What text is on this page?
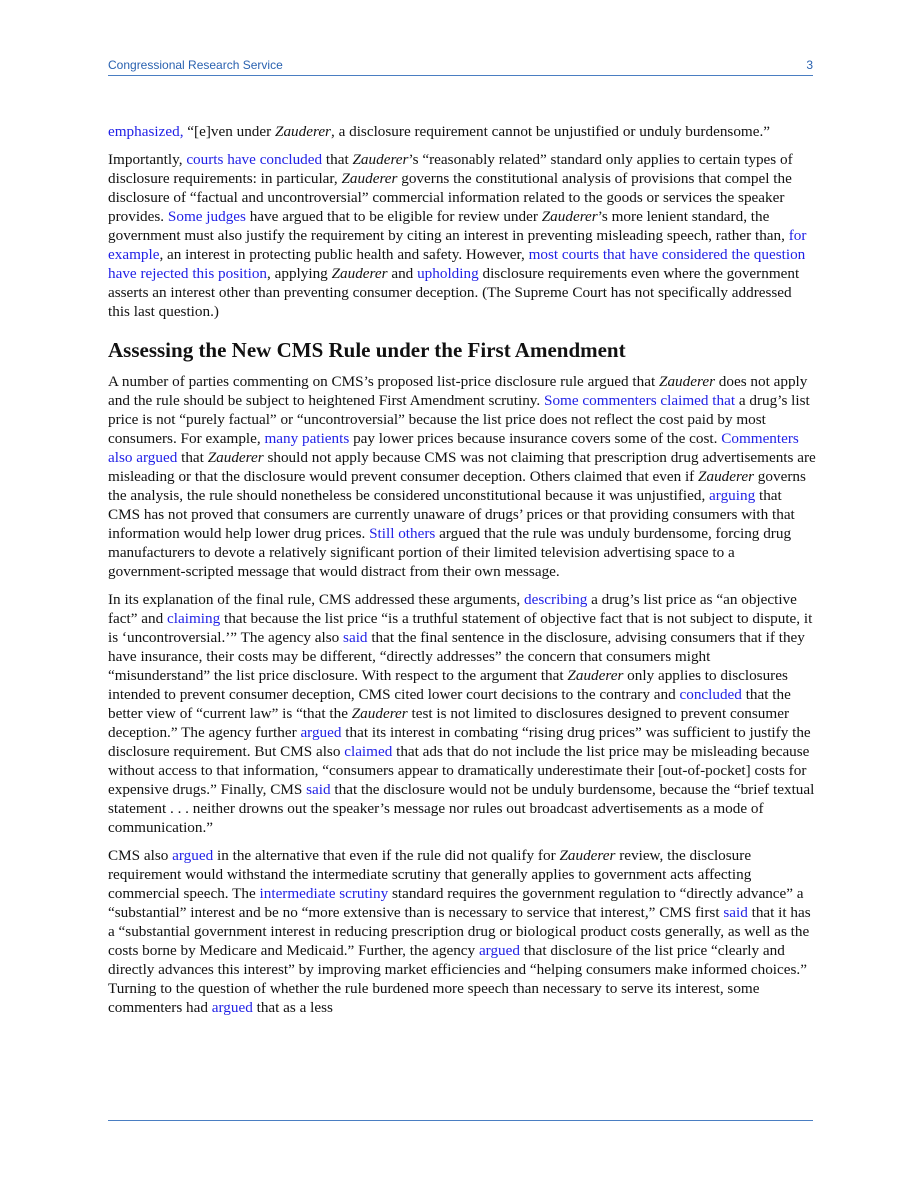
Congressional Research Service	3

emphasized, “[e]ven under Zauderer, a disclosure requirement cannot be unjustified or unduly burdensome.”

Importantly, courts have concluded that Zauderer’s “reasonably related” standard only applies to certain types of disclosure requirements: in particular, Zauderer governs the constitutional analysis of provisions that compel the disclosure of “factual and uncontroversial” commercial information related to the goods or services the speaker provides. Some judges have argued that to be eligible for review under Zauderer’s more lenient standard, the government must also justify the requirement by citing an interest in preventing misleading speech, rather than, for example, an interest in protecting public health and safety. However, most courts that have considered the question have rejected this position, applying Zauderer and upholding disclosure requirements even where the government asserts an interest other than preventing consumer deception. (The Supreme Court has not specifically addressed this last question.)

Assessing the New CMS Rule under the First Amendment

A number of parties commenting on CMS’s proposed list-price disclosure rule argued that Zauderer does not apply and the rule should be subject to heightened First Amendment scrutiny. Some commenters claimed that a drug’s list price is not “purely factual” or “uncontroversial” because the list price does not reflect the cost paid by most consumers. For example, many patients pay lower prices because insurance covers some of the cost. Commenters also argued that Zauderer should not apply because CMS was not claiming that prescription drug advertisements are misleading or that the disclosure would prevent consumer deception. Others claimed that even if Zauderer governs the analysis, the rule should nonetheless be considered unconstitutional because it was unjustified, arguing that CMS has not proved that consumers are currently unaware of drugs’ prices or that providing consumers with that information would help lower drug prices. Still others argued that the rule was unduly burdensome, forcing drug manufacturers to devote a relatively significant portion of their limited television advertising space to a government-scripted message that would distract from their own message.

In its explanation of the final rule, CMS addressed these arguments, describing a drug’s list price as “an objective fact” and claiming that because the list price “is a truthful statement of objective fact that is not subject to dispute, it is ‘uncontroversial.’” The agency also said that the final sentence in the disclosure, advising consumers that if they have insurance, their costs may be different, “directly addresses” the concern that consumers might “misunderstand” the list price disclosure. With respect to the argument that Zauderer only applies to disclosures intended to prevent consumer deception, CMS cited lower court decisions to the contrary and concluded that the better view of “current law” is “that the Zauderer test is not limited to disclosures designed to prevent consumer deception.” The agency further argued that its interest in combating “rising drug prices” was sufficient to justify the disclosure requirement. But CMS also claimed that ads that do not include the list price may be misleading because without access to that information, “consumers appear to dramatically underestimate their [out-of-pocket] costs for expensive drugs.” Finally, CMS said that the disclosure would not be unduly burdensome, because the “brief textual statement . . . neither drowns out the speaker’s message nor rules out broadcast advertisements as a mode of communication.”

CMS also argued in the alternative that even if the rule did not qualify for Zauderer review, the disclosure requirement would withstand the intermediate scrutiny that generally applies to government acts affecting commercial speech. The intermediate scrutiny standard requires the government regulation to “directly advance” a “substantial” interest and be no “more extensive than is necessary to service that interest,” CMS first said that it has a “substantial government interest in reducing prescription drug or biological product costs generally, as well as the costs borne by Medicare and Medicaid.” Further, the agency argued that disclosure of the list price “clearly and directly advances this interest” by improving market efficiencies and “helping consumers make informed choices.” Turning to the question of whether the rule burdened more speech than necessary to serve its interest, some commenters had argued that as a less
